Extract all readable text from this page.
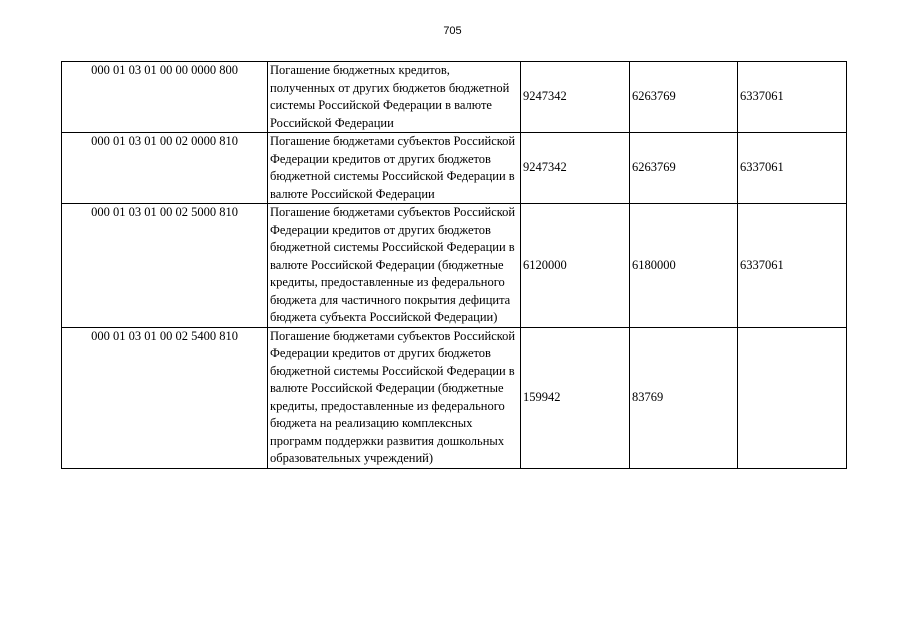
705
000 01 03 01 00 00 0000 800	Погашение бюджетных кредитов, полученных от других бюджетов бюджетной системы Российской Федерации в валюте Российской Федерации	9247342	6263769	6337061
000 01 03 01 00 02 0000 810	Погашение бюджетами субъектов Российской Федерации кредитов от других бюджетов бюджетной системы Российской Федерации в валюте Российской Федерации	9247342	6263769	6337061
000 01 03 01 00 02 5000 810	Погашение бюджетами субъектов Российской Федерации кредитов от других бюджетов бюджетной системы Российской Федерации в валюте Российской Федерации (бюджетные кредиты, предоставленные из федерального бюджета для частичного покрытия дефицита бюджета субъекта Российской Федерации)	6120000	6180000	6337061
000 01 03 01 00 02 5400 810	Погашение бюджетами субъектов Российской Федерации кредитов от других бюджетов бюджетной системы Российской Федерации в валюте Российской Федерации (бюджетные кредиты, предоставленные из федерального бюджета на реализацию комплексных программ поддержки развития дошкольных образовательных учреждений)	159942	83769	
